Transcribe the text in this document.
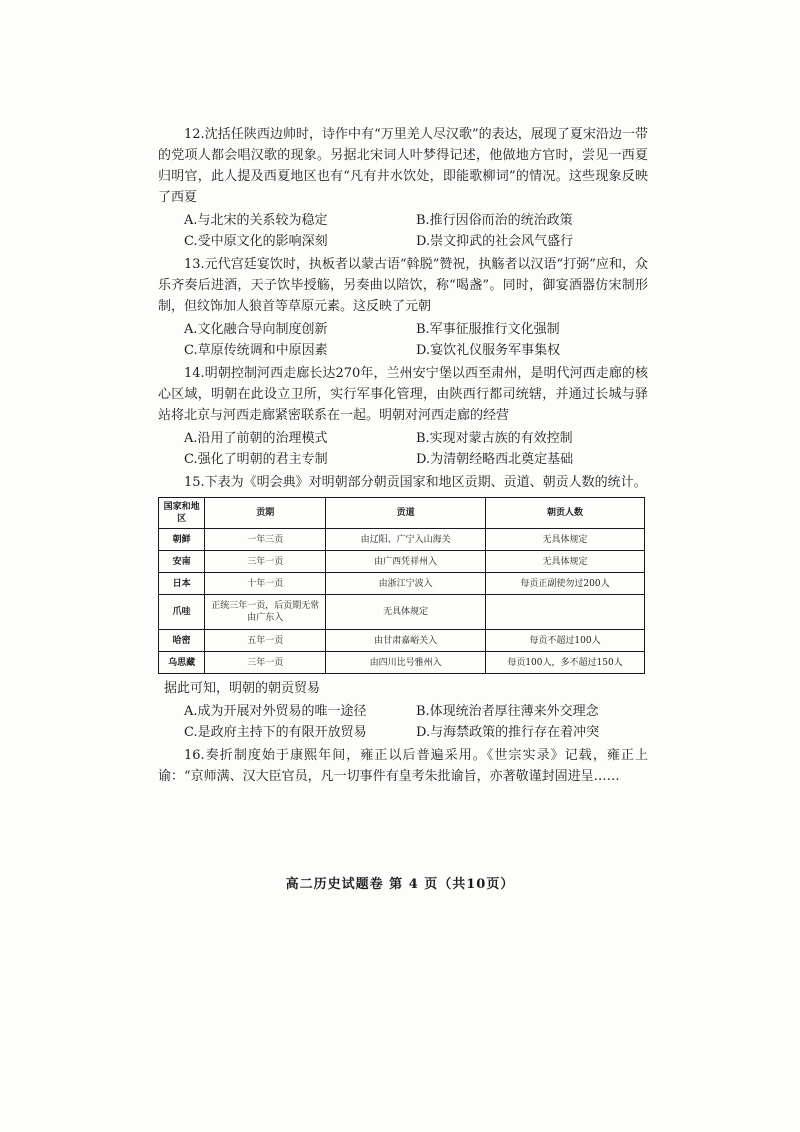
12.沈括任陕西边帅时，诗作中有“万里羌人尽汉歌”的表达，展现了夏宋沿边一带的党项人都会唱汉歌的现象。另据北宋词人叶梦得记述，他做地方官时，尝见一西夏归明官，此人提及西夏地区也有“凡有井水饮处，即能歌柳词”的情况。这些现象反映了西夏

A.与北宋的关系较为稳定	B.推行因俗而治的统治政策
C.受中原文化的影响深刻	D.崇文抑武的社会风气盛行

13.元代宫廷宴饮时，执板者以蒙古语“斡脱”赞祝，执觞者以汉语“打弼”应和，众乐齐奏后进酒，天子饮毕授觞，另奏曲以陪饮，称“喝盏”。同时，御宴酒器仿宋制形制，但纹饰加人狼首等草原元素。这反映了元朝

A.文化融合导向制度创新	B.军事征服推行文化强制
C.草原传统调和中原因素	D.宴饮礼仪服务军事集权

14.明朝控制河西走廊长达270年，兰州安宁堡以西至肃州，是明代河西走廊的核心区域，明朝在此设立卫所，实行军事化管理，由陕西行都司统辖，并通过长城与驿站将北京与河西走廊紧密联系在一起。明朝对河西走廊的经营

A.沿用了前朝的治理模式	B.实现对蒙古族的有效控制
C.强化了明朝的君主专制	D.为清朝经略西北奠定基础

15.下表为《明会典》对明朝部分朝贡国家和地区贡期、贡道、朝贡人数的统计。

国家和地区	贡期	贡道	朝贡人数
朝鲜	一年三贡	由辽阳、广宁入山海关	无具体规定
安南	三年一贡	由广西凭祥州入	无具体规定
日本	十年一贡	由浙江宁波入	每贡正副使勿过200人
爪哇	正统三年一贡，后贡期无常由广东入	无具体规定	
哈密	五年一贡	由甘肃嘉峪关入	每贡不超过100人
乌思藏	三年一贡	由四川比号雅州入	每贡100人，多不超过150人

据此可知，明朝的朝贡贸易

A.成为开展对外贸易的唯一途径	B.体现统治者厚往薄来外交理念
C.是政府主持下的有限开放贸易	D.与海禁政策的推行存在着冲突

16.奏折制度始于康熙年间，雍正以后普遍采用。《世宗实录》记载，雍正上谕：“京师满、汉大臣官员，凡一切事件有皇考朱批谕旨，亦著敬谨封固进呈……

高二历史试题卷 第 4 页（共10页）
